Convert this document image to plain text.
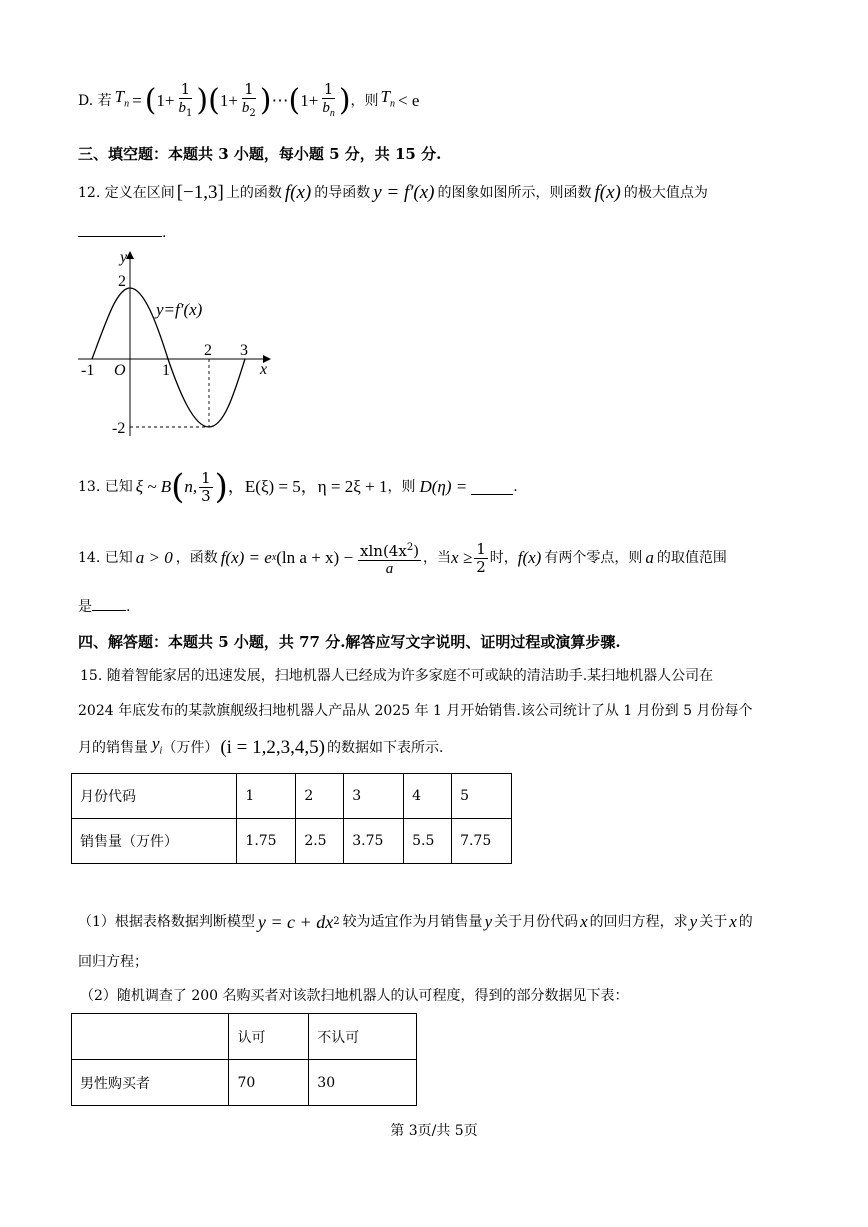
D. 若 $T_n$ = ( $1+ \frac{1}{b_1}$ ) ( $1+ \frac{1}{b_2}$ ) ⋯ ( $1+ \frac{1}{b_n}$ ) ，则 $T_n < e$
三、填空题：本题共 3 小题，每小题 5 分，共 15 分.
12. 定义在区间 [−1,3] 上的函数 f(x) 的导函数 y = f′(x) 的图象如图所示，则函数 f(x) 的极大值点为
.
y
x
O
y=f′(x)
-1	1
2 3
2
-2
13. 已知 ξ ~ B ( n, $\frac{1}{3}$ ) ，E(ξ) = 5 ，η = 2ξ + 1 ，则 D(η) =	.
14. 已知 a > 0 ，函数 f(x) = e x (ln $a + x) - \frac{xln(4x^2)}{a}$ ，当 $x \ge \frac{1}{2}$ 时， f(x) 有两个零点，则 a 的取值范围
是 .
四、解答题：本题共 5 小题，共 77 分.解答应写文字说明、证明过程或演算步骤.
15. 随着智能家居的迅速发展，扫地机器人已经成为许多家庭不可或缺的清洁助手.某扫地机器人公司在
2024 年底发布的某款旗舰级扫地机器人产品从 2025 年 1 月开始销售.该公司统计了从 1 月份到 5 月份每个
月的销售量 $y_i$ （万件） (i = 1,2,3,4,5) 的数据如下表所示.
月份代码	1	2	3	4	5
销售量（万件）	1.75	2.5	3.75	5.5	7.75
（1）根据表格数据判断模型 y = c + dx 2 较为适宜作为月销售量 y 关于月份代码 x 的回归方程，求 y 关于 x 的
回归方程；
（2）随机调查了 200 名购买者对该款扫地机器人的认可程度，得到的部分数据见下表：
	认可	不认可
男性购买者	70	30
第 3页/共 5页
